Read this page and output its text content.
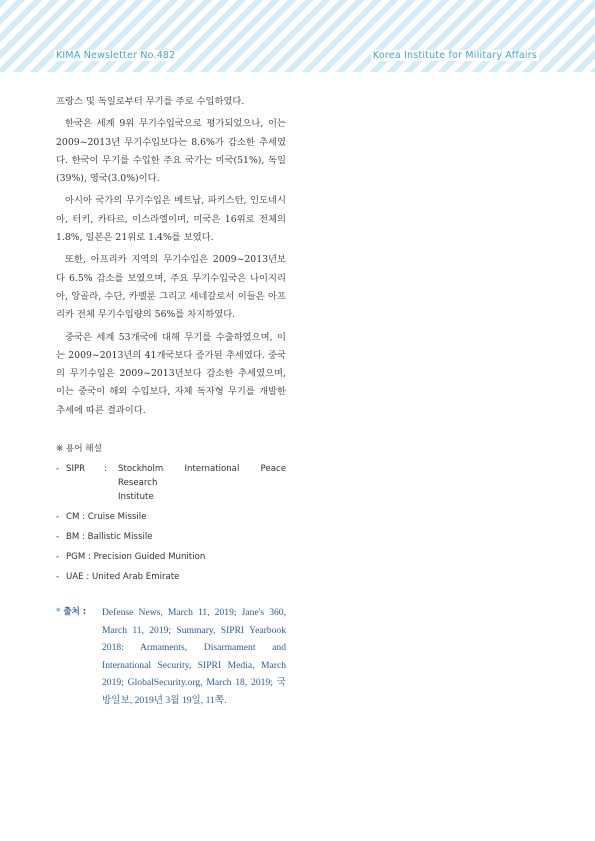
KIMA Newsletter No.482	Korea Institute for Military Affairs

프랑스 및 독일로부터 무기를 주로 수입하였다.

한국은 세계 9위 무기수입국으로 평가되었으나, 이는 2009~2013년 무기수입보다는 8.6%가 감소한 추세였다. 한국이 무기를 수입한 주요 국가는 미국(51%), 독일(39%), 영국(3.0%)이다.

아시아 국가의 무기수입은 베트남, 파키스탄, 인도네시아, 터키, 카타르, 이스라엘이며, 미국은 16위로 전체의 1.8%, 일본은 21위로 1.4%를 보였다.

또한, 아프리카 지역의 무기수입은 2009~2013년보다 6.5% 감소를 보였으며, 주요 무기수입국은 나이지리아, 앙골라, 수단, 카멜룬 그리고 세네갈로서 이들은 아프리카 전체 무기수입량의 56%를 차지하였다.

중국은 세계 53개국에 대해 무기를 수출하였으며, 이는 2009~2013년의 41개국보다 증가된 추세였다. 중국의 무기수입은 2009~2013년보다 감소한 추세였으며, 이는 중국이 해외 수입보다, 자체 독자형 무기를 개발한 추세에 따른 결과이다.

※ 용어 해설
- SIPR	:	Stockholm International Peace Research
Institute
- CM : Cruise Missile
- BM : Ballistic Missile
- PGM : Precision Guided Munition
- UAE : United Arab Emirate
* 출처 :	Defense News, March 11, 2019; Jane's 360, March 11, 2019; Summary, SIPRI Yearbook 2018: Armaments, Disarmament and International Security, SIPRI Media, March 2019; GlobalSecurity.org, March 18, 2019; 국방일보, 2019년 3월 19일, 11쪽.
